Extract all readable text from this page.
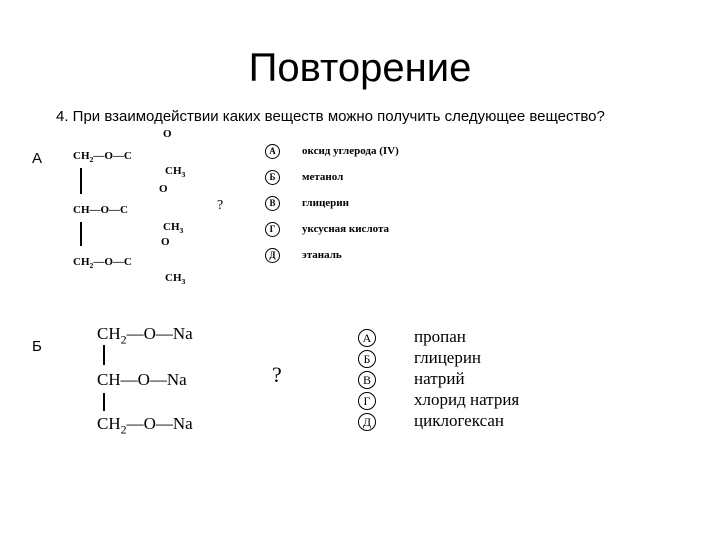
Повторение
4. При взаимодействии каких веществ можно получить следующее вещество?
А
O
$CH_2—O—C$
$CH_3$
O
CH—O—C
$CH_3$
O
$CH_2—O—C$
$CH_3$
?
А оксид углерода (IV)
Б метанол
В глицерин
Г уксусная кислота
Д этаналь
Б
$CH_2—O—Na$
CH—O—Na
$CH_2—O—Na$
?
А	пропан
Б	глицерин
В	натрий
Г	хлорид натрия
Д	циклогексан
